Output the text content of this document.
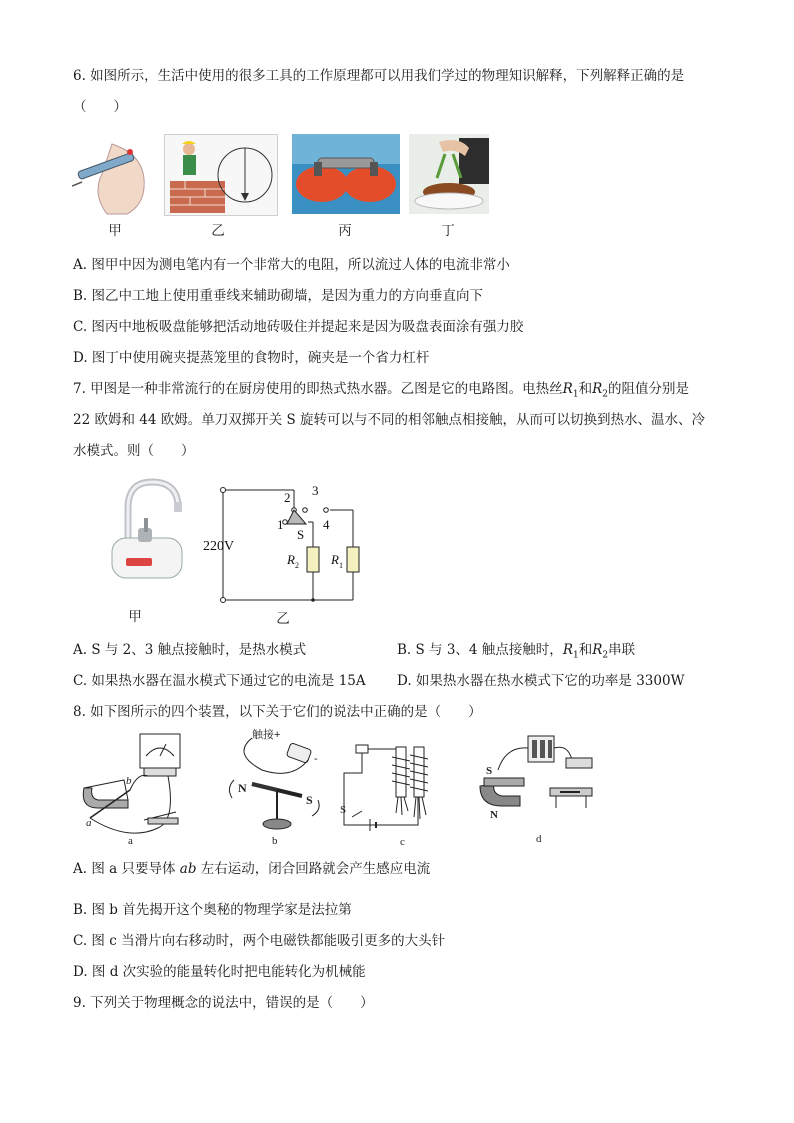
6. 如图所示，生活中使用的很多工具的工作原理都可以用我们学过的物理知识解释，下列解释正确的是
（　　）
甲	乙	丙	丁
A. 图甲中因为测电笔内有一个非常大的电阻，所以流过人体的电流非常小
B. 图乙中工地上使用重垂线来辅助砌墙，是因为重力的方向垂直向下
C. 图丙中地板吸盘能够把活动地砖吸住并提起来是因为吸盘表面涂有强力胶
D. 图丁中使用碗夹提蒸笼里的食物时，碗夹是一个省力杠杆
7. 甲图是一种非常流行的在厨房使用的即热式热水器。乙图是它的电路图。电热丝$R_1$和$R_2$的阻值分别是
22 欧姆和 44 欧姆。单刀双掷开关 S 旋转可以与不同的相邻触点相接触，从而可以切换到热水、温水、冷
水模式。则（　　）
甲
220V
1
2 3
4
S
R 2 R 1
乙
A. S 与 2、3 触点接触时，是热水模式	B. S 与 3、4 触点接触时，$R_1$和$R_2$串联
C. 如果热水器在温水模式下通过它的电流是 15A D. 如果热水器在热水模式下它的功率是 3300W
8. 如下图所示的四个装置，以下关于它们的说法中正确的是（　　）
a
b
a
触接+
-
N
S
b
S
c
S
N
d
A. 图 a 只要导体 ab 左右运动，闭合回路就会产生感应电流
B. 图 b 首先揭开这个奥秘的物理学家是法拉第
C. 图 c 当滑片向右移动时，两个电磁铁都能吸引更多的大头针
D. 图 d 次实验的能量转化时把电能转化为机械能
9. 下列关于物理概念的说法中，错误的是（　　）
